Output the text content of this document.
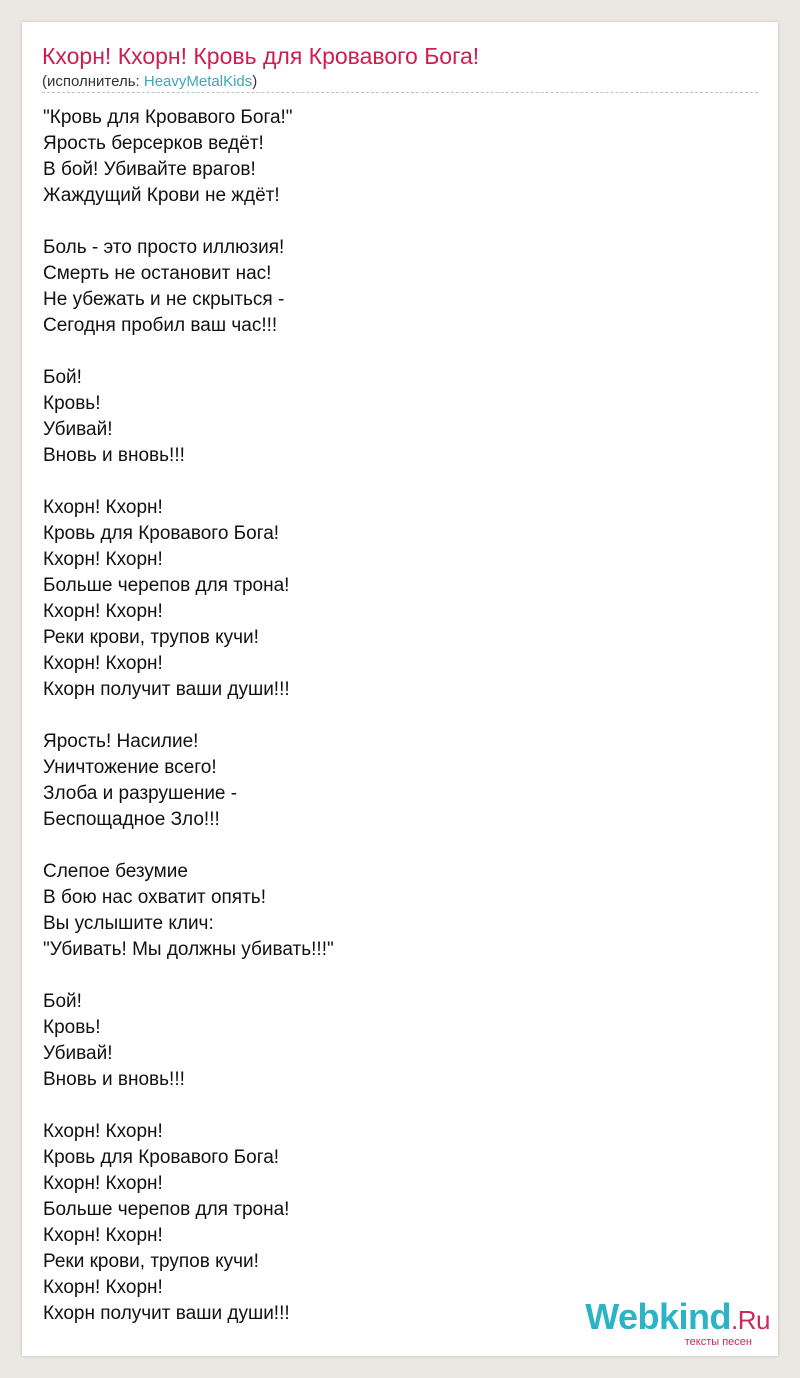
Кхорн! Кхорн! Кровь для Кровавого Бога!
(исполнитель: HeavyMetalKids)
"Кровь для Кровавого Бога!"
Ярость берсерков ведёт!
В бой! Убивайте врагов!
Жаждущий Крови не ждёт!
Боль - это просто иллюзия!
Смерть не остановит нас!
Не убежать и не скрыться -
Сегодня пробил ваш час!!!
Бой!
Кровь!
Убивай!
Вновь и вновь!!!
Кхорн! Кхорн!
Кровь для Кровавого Бога!
Кхорн! Кхорн!
Больше черепов для трона!
Кхорн! Кхорн!
Реки крови, трупов кучи!
Кхорн! Кхорн!
Кхорн получит ваши души!!!
Ярость! Насилие!
Уничтожение всего!
Злоба и разрушение -
Беспощадное Зло!!!
Слепое безумие
В бою нас охватит опять!
Вы услышите клич:
"Убивать! Мы должны убивать!!!"
Бой!
Кровь!
Убивай!
Вновь и вновь!!!
Кхорн! Кхорн!
Кровь для Кровавого Бога!
Кхорн! Кхорн!
Больше черепов для трона!
Кхорн! Кхорн!
Реки крови, трупов кучи!
Кхорн! Кхорн!
Кхорн получит ваши души!!!	Webkind.Ru
тексты песен
